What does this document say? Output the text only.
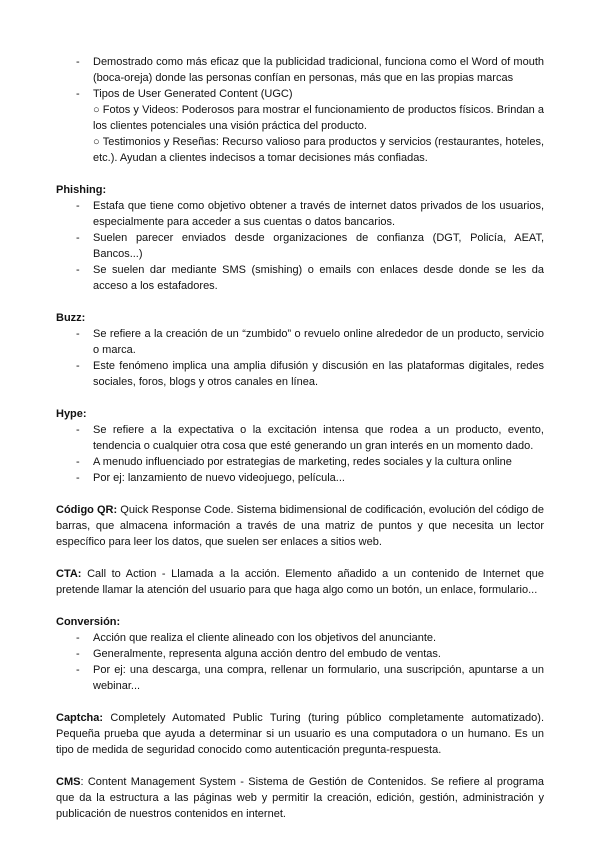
- Demostrado como más eficaz que la publicidad tradicional, funciona como el Word of mouth (boca-oreja) donde las personas confían en personas, más que en las propias marcas
- Tipos de User Generated Content (UGC)
○ Fotos y Videos: Poderosos para mostrar el funcionamiento de productos físicos. Brindan a los clientes potenciales una visión práctica del producto.
○ Testimonios y Reseñas: Recurso valioso para productos y servicios (restaurantes, hoteles, etc.). Ayudan a clientes indecisos a tomar decisiones más confiadas.
Phishing:
- Estafa que tiene como objetivo obtener a través de internet datos privados de los usuarios, especialmente para acceder a sus cuentas o datos bancarios.
- Suelen parecer enviados desde organizaciones de confianza (DGT, Policía, AEAT, Bancos...)
- Se suelen dar mediante SMS (smishing) o emails con enlaces desde donde se les da acceso a los estafadores.
Buzz:
- Se refiere a la creación de un “zumbido” o revuelo online alrededor de un producto, servicio o marca.
- Este fenómeno implica una amplia difusión y discusión en las plataformas digitales, redes sociales, foros, blogs y otros canales en línea.
Hype:
- Se refiere a la expectativa o la excitación intensa que rodea a un producto, evento, tendencia o cualquier otra cosa que esté generando un gran interés en un momento dado.
- A menudo influenciado por estrategias de marketing, redes sociales y la cultura online
- Por ej: lanzamiento de nuevo videojuego, película...

Código QR: Quick Response Code. Sistema bidimensional de codificación, evolución del código de barras, que almacena información a través de una matriz de puntos y que necesita un lector específico para leer los datos, que suelen ser enlaces a sitios web.

CTA: Call to Action - Llamada a la acción. Elemento añadido a un contenido de Internet que pretende llamar la atención del usuario para que haga algo como un botón, un enlace, formulario...

Conversión:
- Acción que realiza el cliente alineado con los objetivos del anunciante.
- Generalmente, representa alguna acción dentro del embudo de ventas.
- Por ej: una descarga, una compra, rellenar un formulario, una suscripción, apuntarse a un webinar...

Captcha: Completely Automated Public Turing (turing público completamente automatizado). Pequeña prueba que ayuda a determinar si un usuario es una computadora o un humano. Es un tipo de medida de seguridad conocido como autenticación pregunta-respuesta.

CMS: Content Management System - Sistema de Gestión de Contenidos. Se refiere al programa que da la estructura a las páginas web y permitir la creación, edición, gestión, administración y publicación de nuestros contenidos en internet.
